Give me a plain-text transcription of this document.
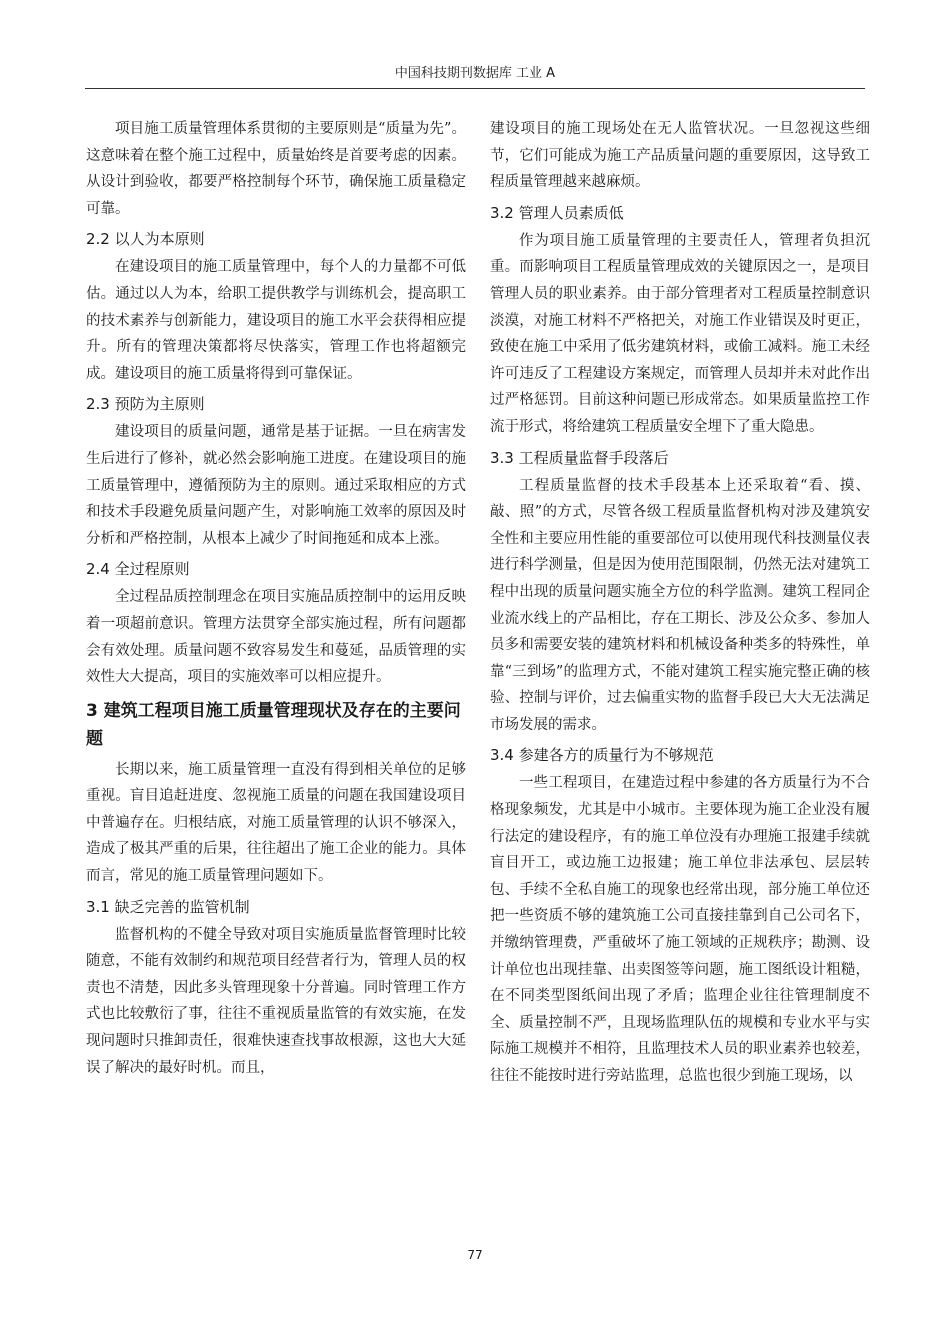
中国科技期刊数据库 工业 A

项目施工质量管理体系贯彻的主要原则是“质量为先”。这意味着在整个施工过程中，质量始终是首要考虑的因素。从设计到验收，都要严格控制每个环节，确保施工质量稳定可靠。

2.2 以人为本原则

在建设项目的施工质量管理中，每个人的力量都不可低估。通过以人为本，给职工提供教学与训练机会，提高职工的技术素养与创新能力，建设项目的施工水平会获得相应提升。所有的管理决策都将尽快落实，管理工作也将超额完成。建设项目的施工质量将得到可靠保证。

2.3 预防为主原则

建设项目的质量问题，通常是基于证据。一旦在病害发生后进行了修补，就必然会影响施工进度。在建设项目的施工质量管理中，遵循预防为主的原则。通过采取相应的方式和技术手段避免质量问题产生，对影响施工效率的原因及时分析和严格控制，从根本上减少了时间拖延和成本上涨。

2.4 全过程原则

全过程品质控制理念在项目实施品质控制中的运用反映着一项超前意识。管理方法贯穿全部实施过程，所有问题都会有效处理。质量问题不致容易发生和蔓延，品质管理的实效性大大提高，项目的实施效率可以相应提升。

3 建筑工程项目施工质量管理现状及存在的主要问题

长期以来，施工质量管理一直没有得到相关单位的足够重视。盲目追赶进度、忽视施工质量的问题在我国建设项目中普遍存在。归根结底，对施工质量管理的认识不够深入，造成了极其严重的后果，往往超出了施工企业的能力。具体而言，常见的施工质量管理问题如下。

3.1 缺乏完善的监管机制

监督机构的不健全导致对项目实施质量监督管理时比较随意，不能有效制约和规范项目经营者行为，管理人员的权责也不清楚，因此多头管理现象十分普遍。同时管理工作方式也比较敷衍了事，往往不重视质量监管的有效实施，在发现问题时只推卸责任，很难快速查找事故根源，这也大大延误了解决的最好时机。而且，

建设项目的施工现场处在无人监管状况。一旦忽视这些细节，它们可能成为施工产品质量问题的重要原因，这导致工程质量管理越来越麻烦。

3.2 管理人员素质低

作为项目施工质量管理的主要责任人，管理者负担沉重。而影响项目工程质量管理成效的关键原因之一，是项目管理人员的职业素养。由于部分管理者对工程质量控制意识淡漠，对施工材料不严格把关，对施工作业错误及时更正，致使在施工中采用了低劣建筑材料，或偷工减料。施工未经许可违反了工程建设方案规定，而管理人员却并未对此作出过严格惩罚。目前这种问题已形成常态。如果质量监控工作流于形式，将给建筑工程质量安全埋下了重大隐患。

3.3 工程质量监督手段落后

工程质量监督的技术手段基本上还采取着“看、摸、敲、照”的方式，尽管各级工程质量监督机构对涉及建筑安全性和主要应用性能的重要部位可以使用现代科技测量仪表进行科学测量，但是因为使用范围限制，仍然无法对建筑工程中出现的质量问题实施全方位的科学监测。建筑工程同企业流水线上的产品相比，存在工期长、涉及公众多、参加人员多和需要安装的建筑材料和机械设备种类多的特殊性，单靠“三到场”的监理方式，不能对建筑工程实施完整正确的核验、控制与评价，过去偏重实物的监督手段已大大无法满足市场发展的需求。

3.4 参建各方的质量行为不够规范

一些工程项目，在建造过程中参建的各方质量行为不合格现象频发，尤其是中小城市。主要体现为施工企业没有履行法定的建设程序，有的施工单位没有办理施工报建手续就盲目开工，或边施工边报建；施工单位非法承包、层层转包、手续不全私自施工的现象也经常出现，部分施工单位还把一些资质不够的建筑施工公司直接挂靠到自己公司名下，并缴纳管理费，严重破坏了施工领域的正规秩序；勘测、设计单位也出现挂靠、出卖图签等问题，施工图纸设计粗糙，在不同类型图纸间出现了矛盾；监理企业往往管理制度不全、质量控制不严，且现场监理队伍的规模和专业水平与实际施工规模并不相符，且监理技术人员的职业素养也较差，往往不能按时进行旁站监理，总监也很少到施工现场，以

77
